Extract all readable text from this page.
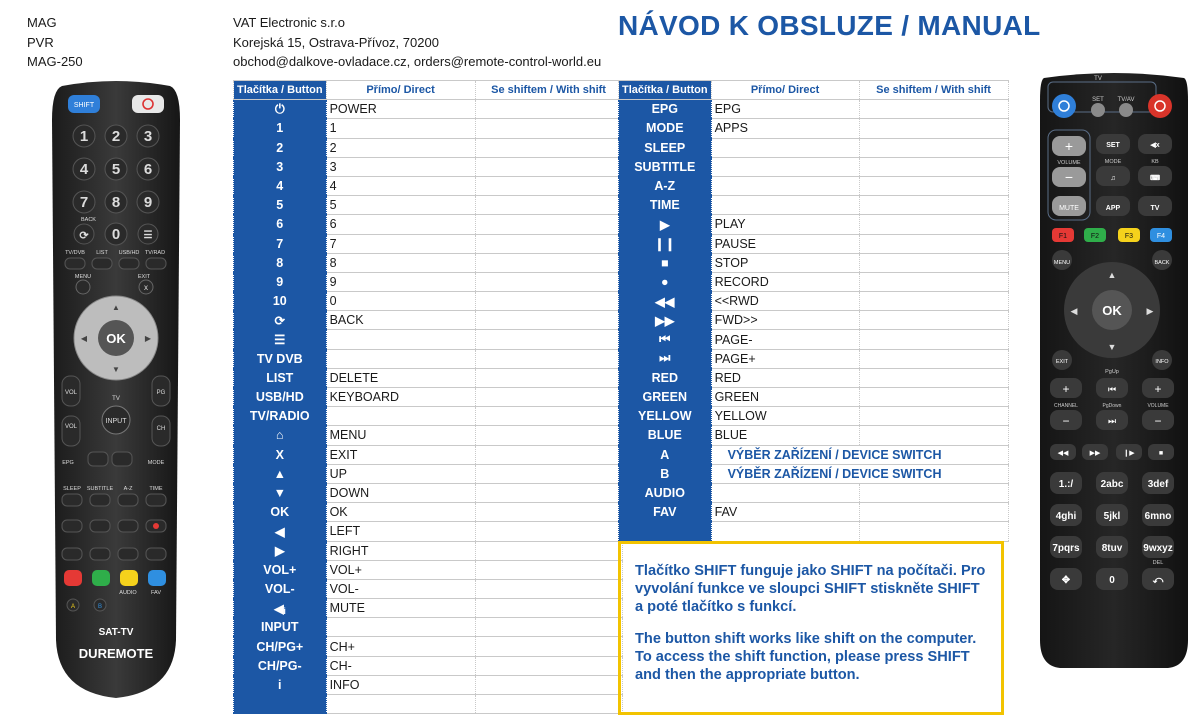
MAG
PVR
MAG-250
VAT Electronic s.r.o
Korejská 15, Ostrava-Přívoz, 70200
obchod@dalkove-ovladace.cz, orders@remote-control-world.eu
NÁVOD K OBSLUZE / MANUAL
SHIFT
1 2 3
4 5 6
7 8 9
⟳ 0 ☰
BACK
TV/DVB LIST USB/HD TV/RAD
MENU	EXIT
x
OK
▲
▼
◀	▶
VOL	PG
TV
INPUT
VOL	CH
EPG	MODE
SLEEP SUBTITLE A-Z	TIME
AUDIO	FAV
A	B
SAT-TV
DUREMOTE
Tlačítka / Button	Přímo/ Direct	Se shiftem / With shift
⏻	POWER	
1	1	
2	2	
3	3	
4	4	
5	5	
6	6	
7	7	
8	8	
9	9	
10	0	
⟳	BACK	
☰		
TV DVB		
LIST	DELETE	
USB/HD	KEYBOARD	
TV/RADIO		
⌂	MENU	
X	EXIT	
▲	UP	
▼	DOWN	
OK	OK	
◀	LEFT	
▶	RIGHT	
VOL+	VOL+	
VOL-	VOL-	
◀ᵢ	MUTE	
INPUT		
CH/PG+	CH+	
CH/PG-	CH-	
i	INFO	

Tlačítka / Button	Přímo/ Direct	Se shiftem / With shift
EPG	EPG	
MODE	APPS	
SLEEP		
SUBTITLE		
A-Z		
TIME		
▶	PLAY	
❙❙	PAUSE	
■	STOP	
●	RECORD	
◀◀	<<RWD	
▶▶	FWD>>	
⏮	PAGE-	
⏭	PAGE+	
RED	RED	
GREEN	GREEN	
YELLOW	YELLOW	
BLUE	BLUE	
A	VÝBĚR ZAŘÍZENÍ / DEVICE SWITCH	
B	VÝBĚR ZAŘÍZENÍ / DEVICE SWITCH	
AUDIO		
FAV	FAV	

Tlačítko SHIFT funguje jako SHIFT na počítači. Pro vyvolání funkce ve sloupci SHIFT stiskněte SHIFT a poté tlačítko s funkcí.

The button shift works like shift on the computer. To access the shift function, please press SHIFT and then the appropriate button.

TV
SET TV/AV
+
VOLUME
−
MUTE
SET	◀x
♫	⌨
APP	TV
MODE	KB
F1	F2	F3	F4
MENU	BACK
OK
▲
▼
◀	▶
EXIT	INFO
PgUp
+	+
−	−
⏮
⏭
CHANNEL	PgDown	VOLUME
◀◀	▶▶	❙▶	■
1.:/	2abc 3def
4ghi	5jkl 6mno
7pqrs 8tuv 9wxyz
✥	0	⤺
DEL
